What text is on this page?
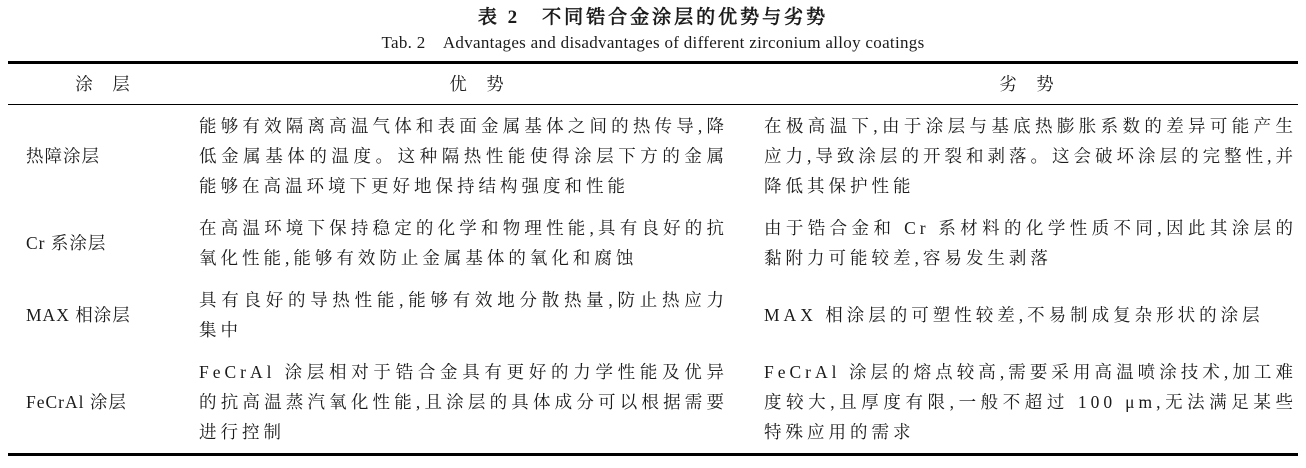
表 2　不同锆合金涂层的优势与劣势
Tab. 2　Advantages and disadvantages of different zirconium alloy coatings
涂　层	优　势	劣　势
热障涂层	能够有效隔离高温气体和表面金属基体之间的热传导,降低金属基体的温度。这种隔热性能使得涂层下方的金属能够在高温环境下更好地保持结构强度和性能	在极高温下,由于涂层与基底热膨胀系数的差异可能产生应力,导致涂层的开裂和剥落。这会破坏涂层的完整性,并降低其保护性能
Cr 系涂层	在高温环境下保持稳定的化学和物理性能,具有良好的抗氧化性能,能够有效防止金属基体的氧化和腐蚀	由于锆合金和 Cr 系材料的化学性质不同,因此其涂层的黏附力可能较差,容易发生剥落
MAX 相涂层	具有良好的导热性能,能够有效地分散热量,防止热应力集中	MAX 相涂层的可塑性较差,不易制成复杂形状的涂层
FeCrAl 涂层	FeCrAl 涂层相对于锆合金具有更好的力学性能及优异的抗高温蒸汽氧化性能,且涂层的具体成分可以根据需要进行控制	FeCrAl 涂层的熔点较高,需要采用高温喷涂技术,加工难度较大,且厚度有限,一般不超过 100 μm,无法满足某些特殊应用的需求
